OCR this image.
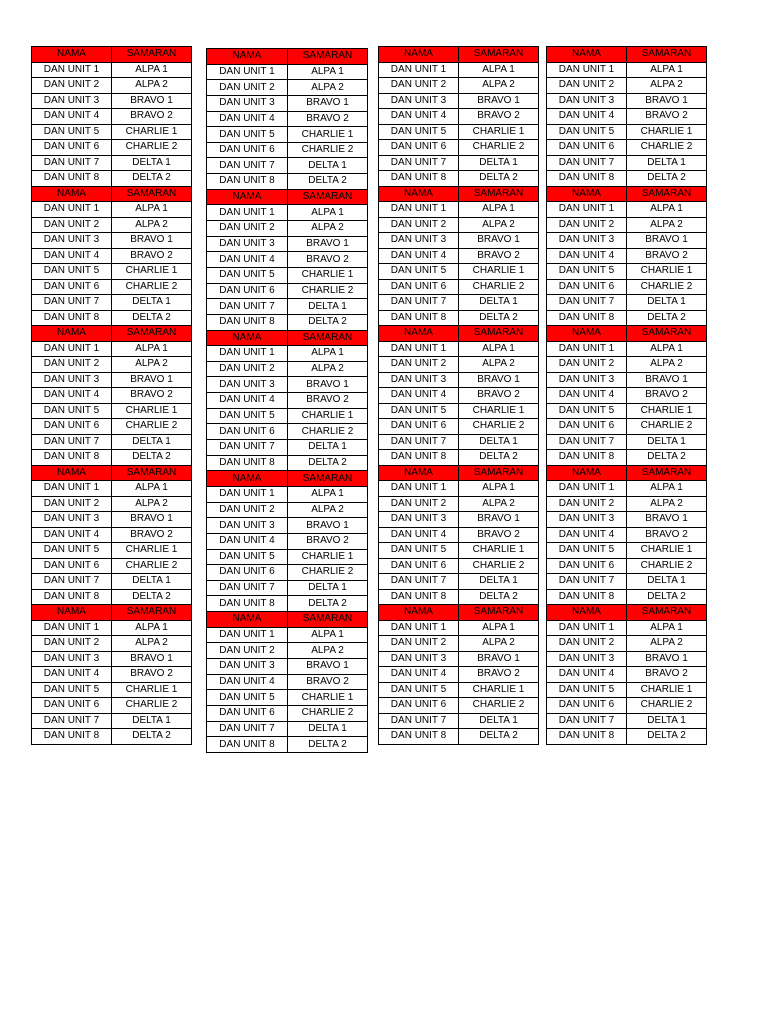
NAMA	SAMARAN
DAN UNIT 1	ALPA 1
DAN UNIT 2	ALPA 2
DAN UNIT 3	BRAVO 1
DAN UNIT 4	BRAVO 2
DAN UNIT 5	CHARLIE 1
DAN UNIT 6	CHARLIE 2
DAN UNIT 7	DELTA 1
DAN UNIT 8	DELTA 2
NAMA	SAMARAN
DAN UNIT 1	ALPA 1
DAN UNIT 2	ALPA 2
DAN UNIT 3	BRAVO 1
DAN UNIT 4	BRAVO 2
DAN UNIT 5	CHARLIE 1
DAN UNIT 6	CHARLIE 2
DAN UNIT 7	DELTA 1
DAN UNIT 8	DELTA 2
NAMA	SAMARAN
DAN UNIT 1	ALPA 1
DAN UNIT 2	ALPA 2
DAN UNIT 3	BRAVO 1
DAN UNIT 4	BRAVO 2
DAN UNIT 5	CHARLIE 1
DAN UNIT 6	CHARLIE 2
DAN UNIT 7	DELTA 1
DAN UNIT 8	DELTA 2
NAMA	SAMARAN
DAN UNIT 1	ALPA 1
DAN UNIT 2	ALPA 2
DAN UNIT 3	BRAVO 1
DAN UNIT 4	BRAVO 2
DAN UNIT 5	CHARLIE 1
DAN UNIT 6	CHARLIE 2
DAN UNIT 7	DELTA 1
DAN UNIT 8	DELTA 2
NAMA	SAMARAN
DAN UNIT 1	ALPA 1
DAN UNIT 2	ALPA 2
DAN UNIT 3	BRAVO 1
DAN UNIT 4	BRAVO 2
DAN UNIT 5	CHARLIE 1
DAN UNIT 6	CHARLIE 2
DAN UNIT 7	DELTA 1
DAN UNIT 8	DELTA 2
NAMA	SAMARAN
DAN UNIT 1	ALPA 1
DAN UNIT 2	ALPA 2
DAN UNIT 3	BRAVO 1
DAN UNIT 4	BRAVO 2
DAN UNIT 5	CHARLIE 1
DAN UNIT 6	CHARLIE 2
DAN UNIT 7	DELTA 1
DAN UNIT 8	DELTA 2
NAMA	SAMARAN
DAN UNIT 1	ALPA 1
DAN UNIT 2	ALPA 2
DAN UNIT 3	BRAVO 1
DAN UNIT 4	BRAVO 2
DAN UNIT 5	CHARLIE 1
DAN UNIT 6	CHARLIE 2
DAN UNIT 7	DELTA 1
DAN UNIT 8	DELTA 2
NAMA	SAMARAN
DAN UNIT 1	ALPA 1
DAN UNIT 2	ALPA 2
DAN UNIT 3	BRAVO 1
DAN UNIT 4	BRAVO 2
DAN UNIT 5	CHARLIE 1
DAN UNIT 6	CHARLIE 2
DAN UNIT 7	DELTA 1
DAN UNIT 8	DELTA 2
NAMA	SAMARAN
DAN UNIT 1	ALPA 1
DAN UNIT 2	ALPA 2
DAN UNIT 3	BRAVO 1
DAN UNIT 4	BRAVO 2
DAN UNIT 5	CHARLIE 1
DAN UNIT 6	CHARLIE 2
DAN UNIT 7	DELTA 1
DAN UNIT 8	DELTA 2
NAMA	SAMARAN
DAN UNIT 1	ALPA 1
DAN UNIT 2	ALPA 2
DAN UNIT 3	BRAVO 1
DAN UNIT 4	BRAVO 2
DAN UNIT 5	CHARLIE 1
DAN UNIT 6	CHARLIE 2
DAN UNIT 7	DELTA 1
DAN UNIT 8	DELTA 2
NAMA	SAMARAN
DAN UNIT 1	ALPA 1
DAN UNIT 2	ALPA 2
DAN UNIT 3	BRAVO 1
DAN UNIT 4	BRAVO 2
DAN UNIT 5	CHARLIE 1
DAN UNIT 6	CHARLIE 2
DAN UNIT 7	DELTA 1
DAN UNIT 8	DELTA 2
NAMA	SAMARAN
DAN UNIT 1	ALPA 1
DAN UNIT 2	ALPA 2
DAN UNIT 3	BRAVO 1
DAN UNIT 4	BRAVO 2
DAN UNIT 5	CHARLIE 1
DAN UNIT 6	CHARLIE 2
DAN UNIT 7	DELTA 1
DAN UNIT 8	DELTA 2
NAMA	SAMARAN
DAN UNIT 1	ALPA 1
DAN UNIT 2	ALPA 2
DAN UNIT 3	BRAVO 1
DAN UNIT 4	BRAVO 2
DAN UNIT 5	CHARLIE 1
DAN UNIT 6	CHARLIE 2
DAN UNIT 7	DELTA 1
DAN UNIT 8	DELTA 2
NAMA	SAMARAN
DAN UNIT 1	ALPA 1
DAN UNIT 2	ALPA 2
DAN UNIT 3	BRAVO 1
DAN UNIT 4	BRAVO 2
DAN UNIT 5	CHARLIE 1
DAN UNIT 6	CHARLIE 2
DAN UNIT 7	DELTA 1
DAN UNIT 8	DELTA 2
NAMA	SAMARAN
DAN UNIT 1	ALPA 1
DAN UNIT 2	ALPA 2
DAN UNIT 3	BRAVO 1
DAN UNIT 4	BRAVO 2
DAN UNIT 5	CHARLIE 1
DAN UNIT 6	CHARLIE 2
DAN UNIT 7	DELTA 1
DAN UNIT 8	DELTA 2
NAMA	SAMARAN
DAN UNIT 1	ALPA 1
DAN UNIT 2	ALPA 2
DAN UNIT 3	BRAVO 1
DAN UNIT 4	BRAVO 2
DAN UNIT 5	CHARLIE 1
DAN UNIT 6	CHARLIE 2
DAN UNIT 7	DELTA 1
DAN UNIT 8	DELTA 2
NAMA	SAMARAN
DAN UNIT 1	ALPA 1
DAN UNIT 2	ALPA 2
DAN UNIT 3	BRAVO 1
DAN UNIT 4	BRAVO 2
DAN UNIT 5	CHARLIE 1
DAN UNIT 6	CHARLIE 2
DAN UNIT 7	DELTA 1
DAN UNIT 8	DELTA 2
NAMA	SAMARAN
DAN UNIT 1	ALPA 1
DAN UNIT 2	ALPA 2
DAN UNIT 3	BRAVO 1
DAN UNIT 4	BRAVO 2
DAN UNIT 5	CHARLIE 1
DAN UNIT 6	CHARLIE 2
DAN UNIT 7	DELTA 1
DAN UNIT 8	DELTA 2
NAMA	SAMARAN
DAN UNIT 1	ALPA 1
DAN UNIT 2	ALPA 2
DAN UNIT 3	BRAVO 1
DAN UNIT 4	BRAVO 2
DAN UNIT 5	CHARLIE 1
DAN UNIT 6	CHARLIE 2
DAN UNIT 7	DELTA 1
DAN UNIT 8	DELTA 2
NAMA	SAMARAN
DAN UNIT 1	ALPA 1
DAN UNIT 2	ALPA 2
DAN UNIT 3	BRAVO 1
DAN UNIT 4	BRAVO 2
DAN UNIT 5	CHARLIE 1
DAN UNIT 6	CHARLIE 2
DAN UNIT 7	DELTA 1
DAN UNIT 8	DELTA 2
